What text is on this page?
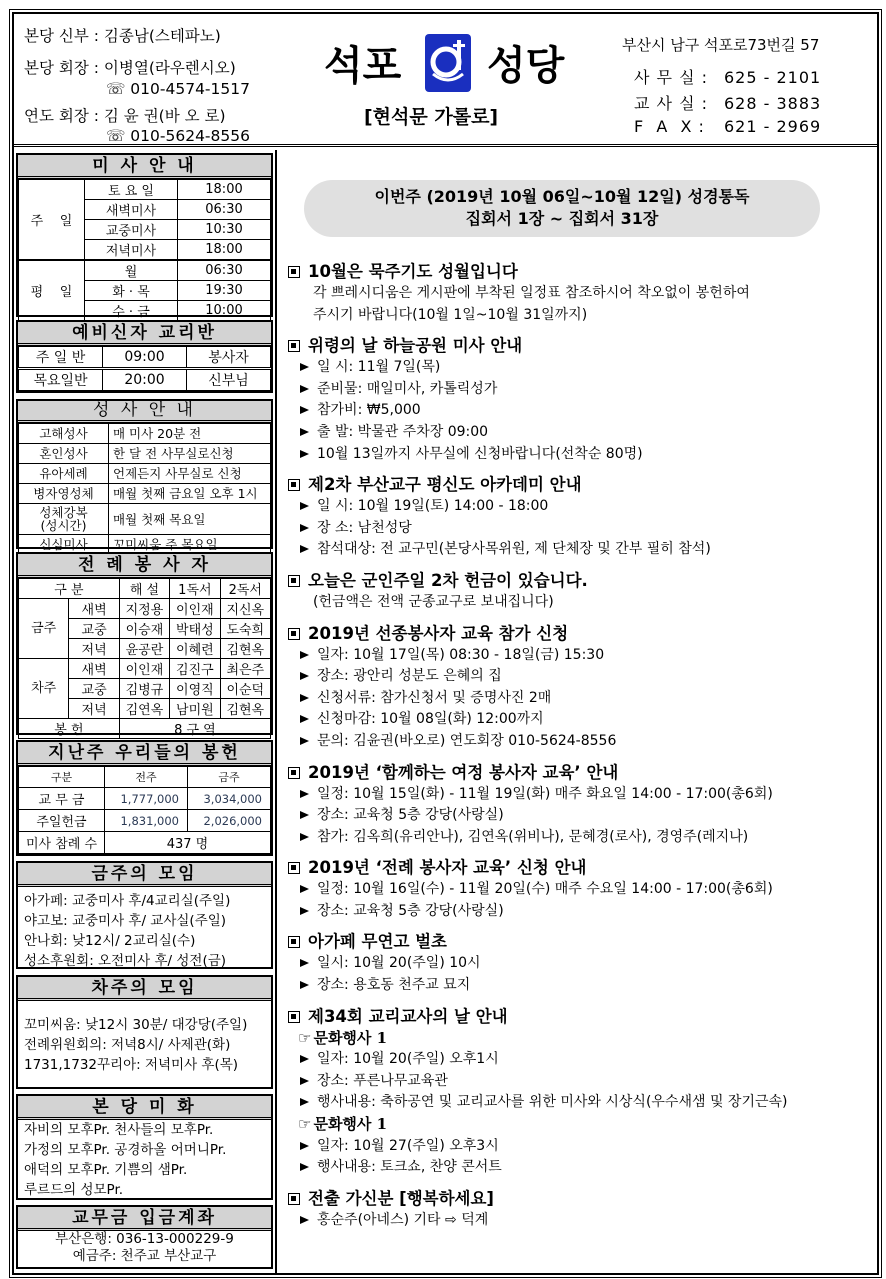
본당 신부 : 김종남(스테파노)
본당 회장 : 이병열(라우렌시오)
☏ 010-4574-1517
연도 회장 : 김 윤 권(바 오 로)
☏ 010-5624-8556
석포 성당
[현석문 가롤로]
부산시 남구 석포로73번길 57
사 무 실 : 625 - 2101
교 사 실 : 628 - 3883
F  A  X : 621 - 2969
미 사 안 내
주    일	토 요 일	18:00
	새벽미사	06:30
	교중미사	10:30
	저녁미사	18:00
평    일	월	06:30
	화 · 목	19:30
	수 · 금	10:00
예비신자 교리반
주 일 반	09:00	봉사자
목요일반	20:00	신부님
성 사 안 내
고해성사	매 미사 20분 전
혼인성사	한 달 전 사무실로신청
유아세례	언제든지 사무실로 신청
병자영성체	매월 첫째 금요일 오후 1시
성체강복
(성시간)	매월 첫째 목요일
신심미사	꼬미씨움 주 목요일
전 례 봉 사 자
구 분		해 설	1독서	2독서
금주	새벽	지정용	이인재	지신옥
	교중	이승재	박태성	도숙희
	저녁	윤공란	이혜련	김현옥
차주	새벽	이인재	김진구	최은주
	교중	김병규	이영직	이순덕
	저녁	김연옥	남미원	김현옥
봉 헌		8 구 역		
지난주 우리들의 봉헌
구분	전주	금주
교 무 금	1,777,000	3,034,000
주일헌금	1,831,000	2,026,000
미사 참례 수	437 명	
금주의 모임
아가페: 교중미사 후/4교리실(주일)
야고보: 교중미사 후/ 교사실(주일)
안나회: 낮12시/ 2교리실(수)
성소후원회: 오전미사 후/ 성전(금)
차주의 모임
꼬미씨움: 낮12시 30분/ 대강당(주일)
전례위원회의: 저녁8시/ 사제관(화)
1731,1732꾸리아: 저녁미사 후(목)
본 당 미 화
자비의 모후Pr. 천사들의 모후Pr.
가정의 모후Pr. 공경하올 어머니Pr.
애덕의 모후Pr. 기쁨의 샘Pr.
루르드의 성모Pr.
교무금 입금계좌
부산은행: 036-13-000229-9
예금주: 천주교 부산교구
이번주 (2019년 10월 06일~10월 12일) 성경통독
집회서 1장 ~ 집회서 31장
10월은 묵주기도 성월입니다
각 쁘레시디움은 게시판에 부착된 일정표 참조하시어 착오없이 봉헌하여
주시기 바랍니다(10월 1일~10월 31일까지)
위령의 날 하늘공원 미사 안내
일 시: 11월 7일(목)
준비물: 매일미사, 카톨릭성가
참가비: ₩5,000
출 발: 박물관 주차장 09:00
10월 13일까지 사무실에 신청바랍니다(선착순 80명)
제2차 부산교구 평신도 아카데미 안내
일 시: 10월 19일(토) 14:00 - 18:00
장 소: 남천성당
참석대상: 전 교구민(본당사목위원, 제 단체장 및 간부 필히 참석)
오늘은 군인주일 2차 헌금이 있습니다.
(헌금액은 전액 군종교구로 보내집니다)
2019년 선종봉사자 교육 참가 신청
일자: 10월 17일(목) 08:30 - 18일(금) 15:30
장소: 광안리 성분도 은혜의 집
신청서류: 참가신청서 및 증명사진 2매
신청마감: 10월 08일(화) 12:00까지
문의: 김윤권(바오로) 연도회장 010-5624-8556
2019년 ‘함께하는 여정 봉사자 교육’ 안내
일정: 10월 15일(화) - 11월 19일(화) 매주 화요일 14:00 - 17:00(총6회)
장소: 교육청 5층 강당(사랑실)
참가: 김옥희(유리안나), 김연옥(위비나), 문혜경(로사), 경영주(레지나)
2019년 ‘전례 봉사자 교육’ 신청 안내
일정: 10월 16일(수) - 11월 20일(수) 매주 수요일 14:00 - 17:00(총6회)
장소: 교육청 5층 강당(사랑실)
아가페 무연고 벌초
일시: 10월 20(주일) 10시
장소: 용호동 천주교 묘지
제34회 교리교사의 날 안내
☞ 문화행사 1
일자: 10월 20(주일) 오후1시
장소: 푸른나무교육관
행사내용: 축하공연 및 교리교사를 위한 미사와 시상식(우수새샘 및 장기근속)
☞ 문화행사 1
일자: 10월 27(주일) 오후3시
행사내용: 토크쇼, 찬양 콘서트
전출 가신분 [행복하세요]
홍순주(아네스) 기타 ⇨ 덕계
